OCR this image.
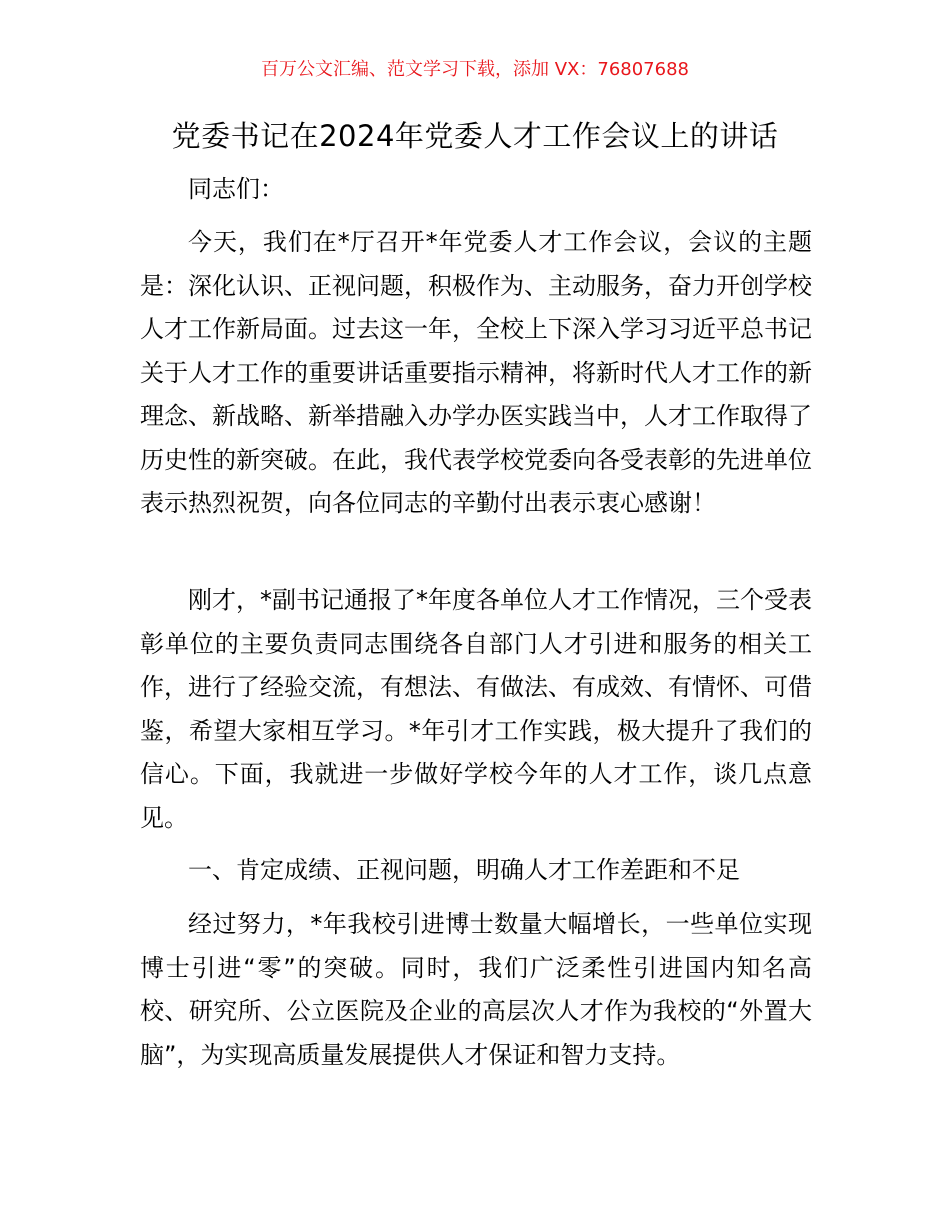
百万公文汇编、范文学习下载，添加 VX：76807688
党委书记在2024年党委人才工作会议上的讲话
同志们：
今天，我们在*厅召开*年党委人才工作会议，会议的主题是：深化认识、正视问题，积极作为、主动服务，奋力开创学校人才工作新局面。过去这一年，全校上下深入学习习近平总书记关于人才工作的重要讲话重要指示精神，将新时代人才工作的新理念、新战略、新举措融入办学办医实践当中，人才工作取得了历史性的新突破。在此，我代表学校党委向各受表彰的先进单位表示热烈祝贺，向各位同志的辛勤付出表示衷心感谢！
刚才，*副书记通报了*年度各单位人才工作情况，三个受表彰单位的主要负责同志围绕各自部门人才引进和服务的相关工作，进行了经验交流，有想法、有做法、有成效、有情怀、可借鉴，希望大家相互学习。*年引才工作实践，极大提升了我们的信心。下面，我就进一步做好学校今年的人才工作，谈几点意见。
一、肯定成绩、正视问题，明确人才工作差距和不足
经过努力，*年我校引进博士数量大幅增长，一些单位实现博士引进“零”的突破。同时，我们广泛柔性引进国内知名高校、研究所、公立医院及企业的高层次人才作为我校的“外置大脑”，为实现高质量发展提供人才保证和智力支持。
